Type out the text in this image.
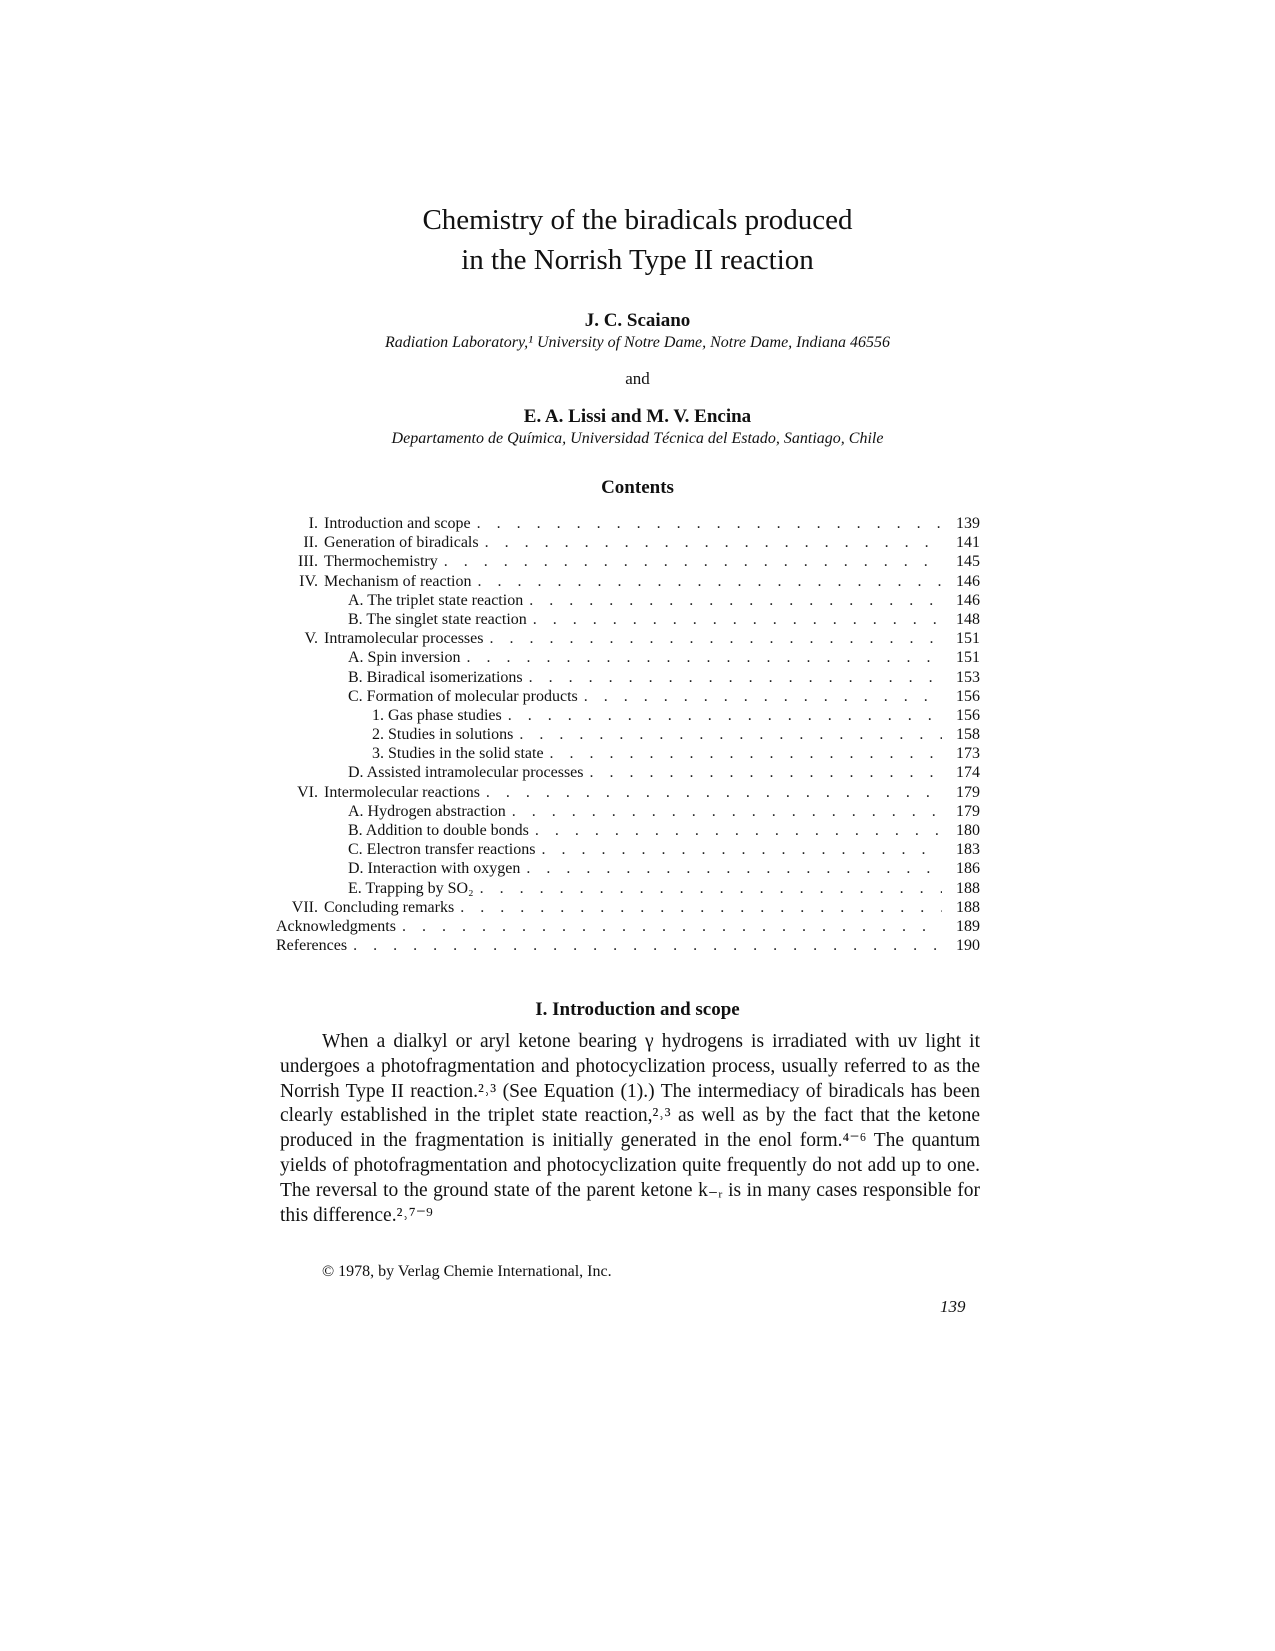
Chemistry of the biradicals produced
in the Norrish Type II reaction
J. C. Scaiano
Radiation Laboratory,¹ University of Notre Dame, Notre Dame, Indiana 46556
and
E. A. Lissi and M. V. Encina
Departamento de Química, Universidad Técnica del Estado, Santiago, Chile
Contents
I. Introduction and scope . . .	139
II. Generation of biradicals . . .	141
III. Thermochemistry . . .	145
IV. Mechanism of reaction . . .	146
A. The triplet state reaction . . .	146
B. The singlet state reaction . . .	148
V. Intramolecular processes . . .	151
A. Spin inversion . . .	151
B. Biradical isomerizations . . .	153
C. Formation of molecular products . . .	156
1. Gas phase studies . . .	156
2. Studies in solutions . . .	158
3. Studies in the solid state . . .	173
D. Assisted intramolecular processes . . .	174
VI. Intermolecular reactions . . .	179
A. Hydrogen abstraction . . .	179
B. Addition to double bonds . . .	180
C. Electron transfer reactions . . .	183
D. Interaction with oxygen . . .	186
E. Trapping by SO₂ . . .	188
VII. Concluding remarks . . .	188
Acknowledgments . . .	189
References . . .	190
I. Introduction and scope

When a dialkyl or aryl ketone bearing γ hydrogens is irradiated with uv light it undergoes a photofragmentation and photocyclization process, usually referred to as the Norrish Type II reaction.²˒³ (See Equation (1).) The intermediacy of biradicals has been clearly established in the triplet state reaction,²˒³ as well as by the fact that the ketone produced in the fragmentation is initially generated in the enol form.⁴⁻⁶ The quantum yields of photofragmentation and photocyclization quite frequently do not add up to one. The reversal to the ground state of the parent ketone k₋ᵣ is in many cases responsible for this difference.²˒⁷⁻⁹

© 1978, by Verlag Chemie International, Inc.
139
